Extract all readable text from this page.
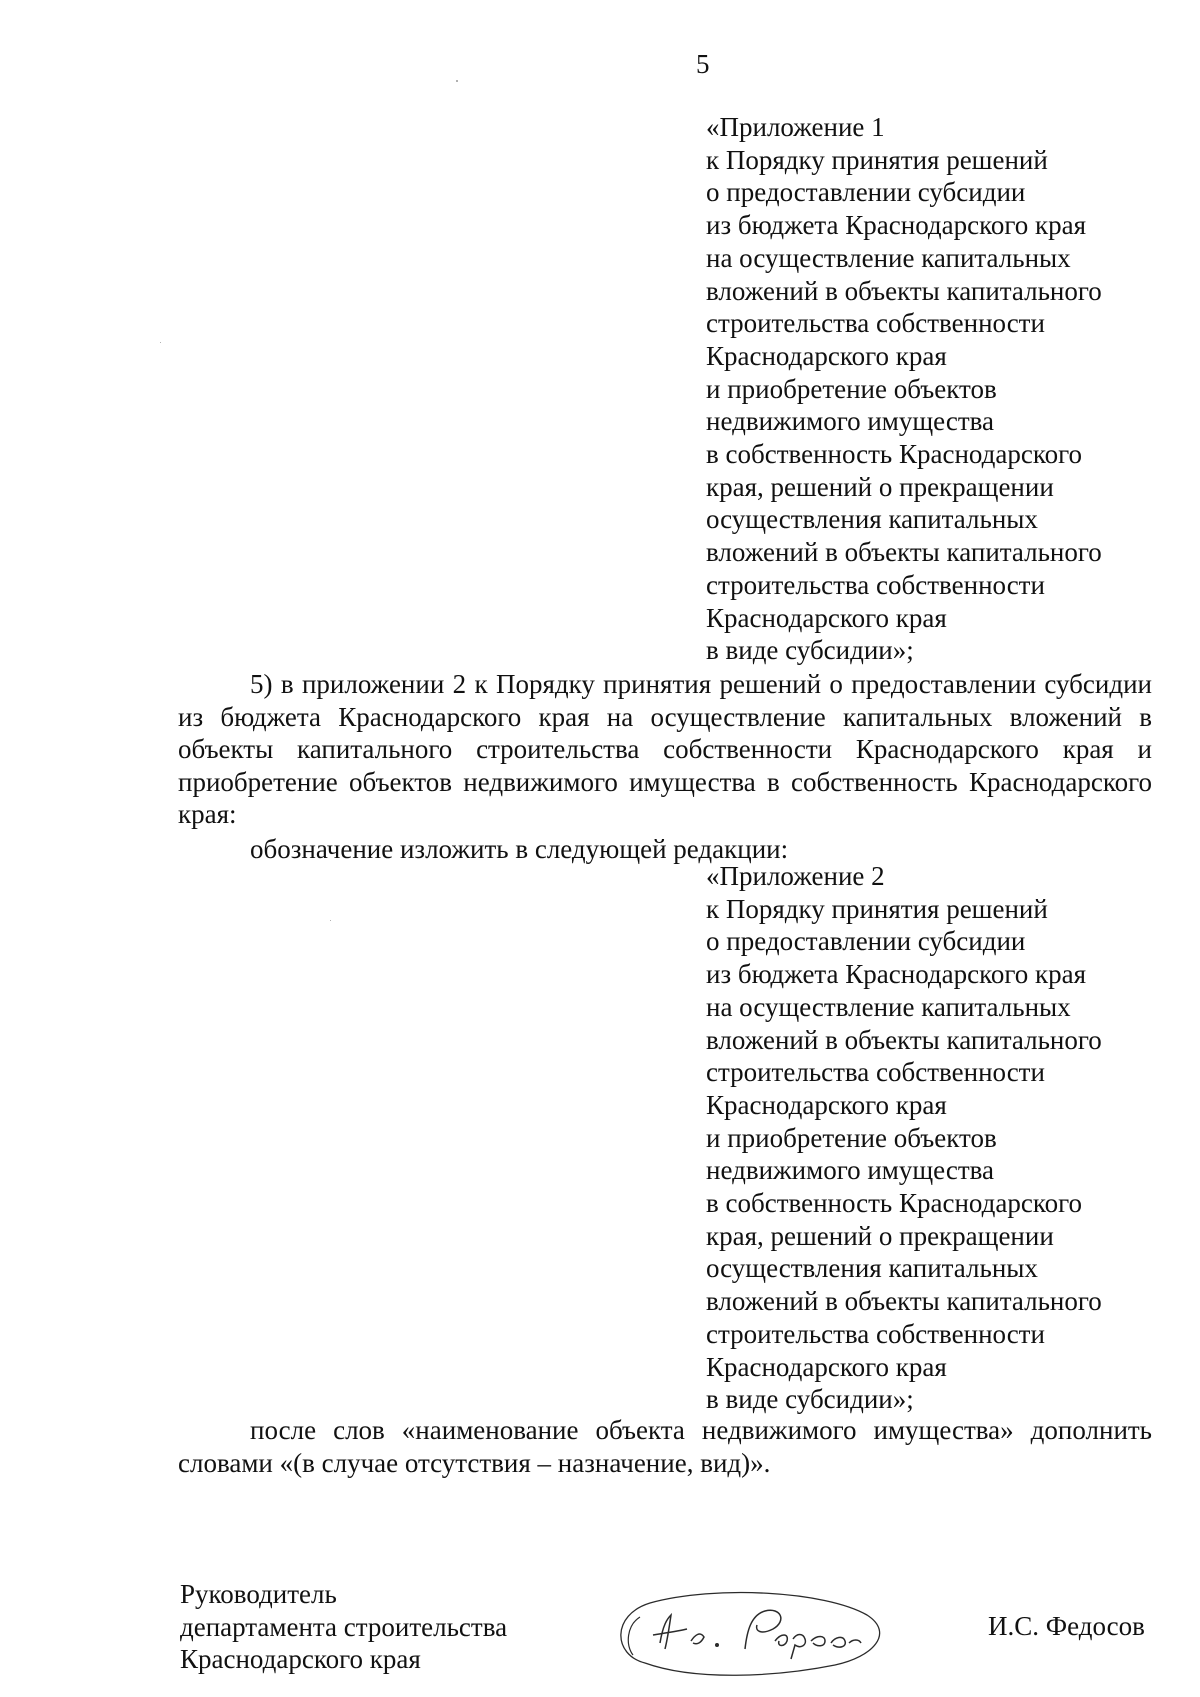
5
«Приложение 1
к Порядку принятия решений
о предоставлении субсидии
из бюджета Краснодарского края
на осуществление капитальных
вложений в объекты капитального
строительства собственности
Краснодарского края
и приобретение объектов
недвижимого имущества
в собственность Краснодарского
края, решений о прекращении
осуществления капитальных
вложений в объекты капитального
строительства собственности
Краснодарского края
в виде субсидии»;

5) в приложении 2 к Порядку принятия решений о предоставлении субсидии из бюджета Краснодарского края на осуществление капитальных вложений в объекты капитального строительства собственности Краснодарского края и приобретение объектов недвижимого имущества в собственность Краснодарского края:

обозначение изложить в следующей редакции:

«Приложение 2
к Порядку принятия решений
о предоставлении субсидии
из бюджета Краснодарского края
на осуществление капитальных
вложений в объекты капитального
строительства собственности
Краснодарского края
и приобретение объектов
недвижимого имущества
в собственность Краснодарского
края, решений о прекращении
осуществления капитальных
вложений в объекты капитального
строительства собственности
Краснодарского края
в виде субсидии»;

после слов «наименование объекта недвижимого имущества» дополнить словами «(в случае отсутствия – назначение, вид)».

Руководитель
департамента строительства
Краснодарского края
И.С. Федосов
